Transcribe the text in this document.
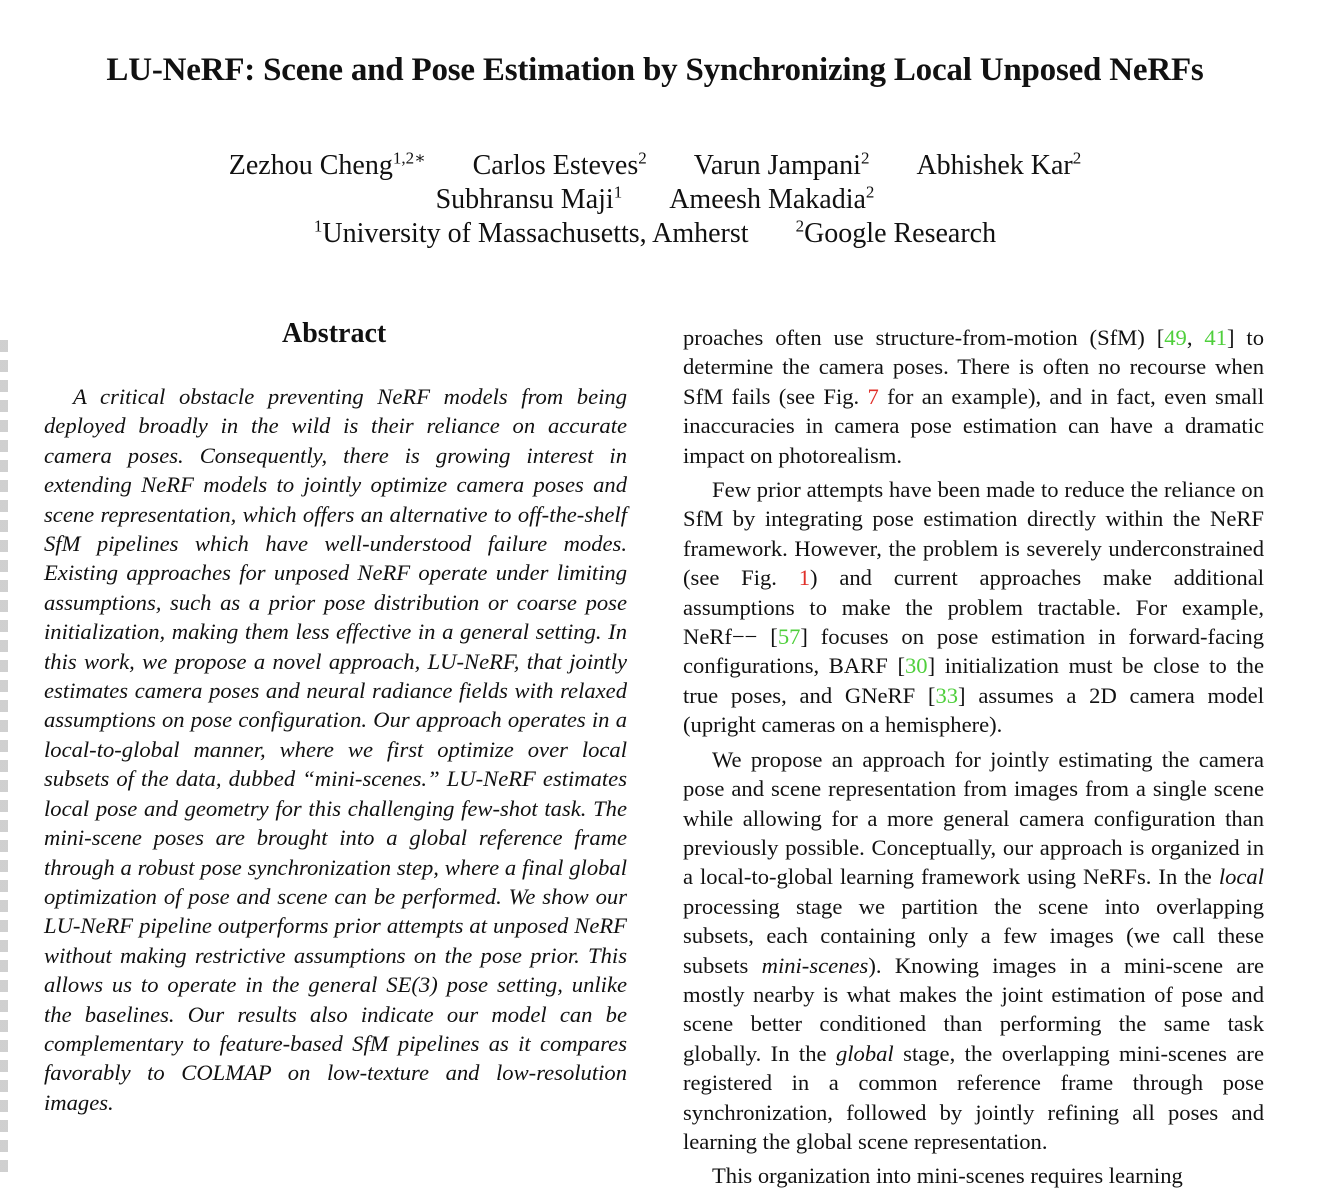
LU-NeRF: Scene and Pose Estimation by Synchronizing Local Unposed NeRFs
Zezhou Cheng$^{1,2∗}$ Carlos Esteves$^2$ Varun Jampani$^2$ Abhishek Kar$^2$
Subhransu Maji$^1$ Ameesh Makadia$^2$
$^1$University of Massachusetts, Amherst	$^2$Google Research
Abstract

A critical obstacle preventing NeRF models from being deployed broadly in the wild is their reliance on accurate camera poses. Consequently, there is growing interest in extending NeRF models to jointly optimize camera poses and scene representation, which offers an alternative to off-the-shelf SfM pipelines which have well-understood failure modes. Existing approaches for unposed NeRF operate under limiting assumptions, such as a prior pose distribution or coarse pose initialization, making them less effective in a general setting. In this work, we propose a novel approach, LU-NeRF, that jointly estimates camera poses and neural radiance fields with relaxed assumptions on pose configuration. Our approach operates in a local-to-global manner, where we first optimize over local subsets of the data, dubbed “mini-scenes.” LU-NeRF estimates local pose and geometry for this challenging few-shot task. The mini-scene poses are brought into a global reference frame through a robust pose synchronization step, where a final global optimization of pose and scene can be performed. We show our LU-NeRF pipeline outperforms prior attempts at unposed NeRF without making restrictive assumptions on the pose prior. This allows us to operate in the general SE(3) pose setting, unlike the baselines. Our results also indicate our model can be complementary to feature-based SfM pipelines as it compares favorably to COLMAP on low-texture and low-resolution images.

proaches often use structure-from-motion (SfM) [49, 41] to determine the camera poses. There is often no recourse when SfM fails (see Fig. 7 for an example), and in fact, even small inaccuracies in camera pose estimation can have a dramatic impact on photorealism.

Few prior attempts have been made to reduce the reliance on SfM by integrating pose estimation directly within the NeRF framework. However, the problem is severely underconstrained (see Fig. 1) and current approaches make additional assumptions to make the problem tractable. For example, NeRf−− [57] focuses on pose estimation in forward-facing configurations, BARF [30] initialization must be close to the true poses, and GNeRF [33] assumes a 2D camera model (upright cameras on a hemisphere).

We propose an approach for jointly estimating the camera pose and scene representation from images from a single scene while allowing for a more general camera configuration than previously possible. Conceptually, our approach is organized in a local-to-global learning framework using NeRFs. In the local processing stage we partition the scene into overlapping subsets, each containing only a few images (we call these subsets mini-scenes). Knowing images in a mini-scene are mostly nearby is what makes the joint estimation of pose and scene better conditioned than performing the same task globally. In the global stage, the overlapping mini-scenes are registered in a common reference frame through pose synchronization, followed by jointly refining all poses and learning the global scene representation.

This organization into mini-scenes requires learning
